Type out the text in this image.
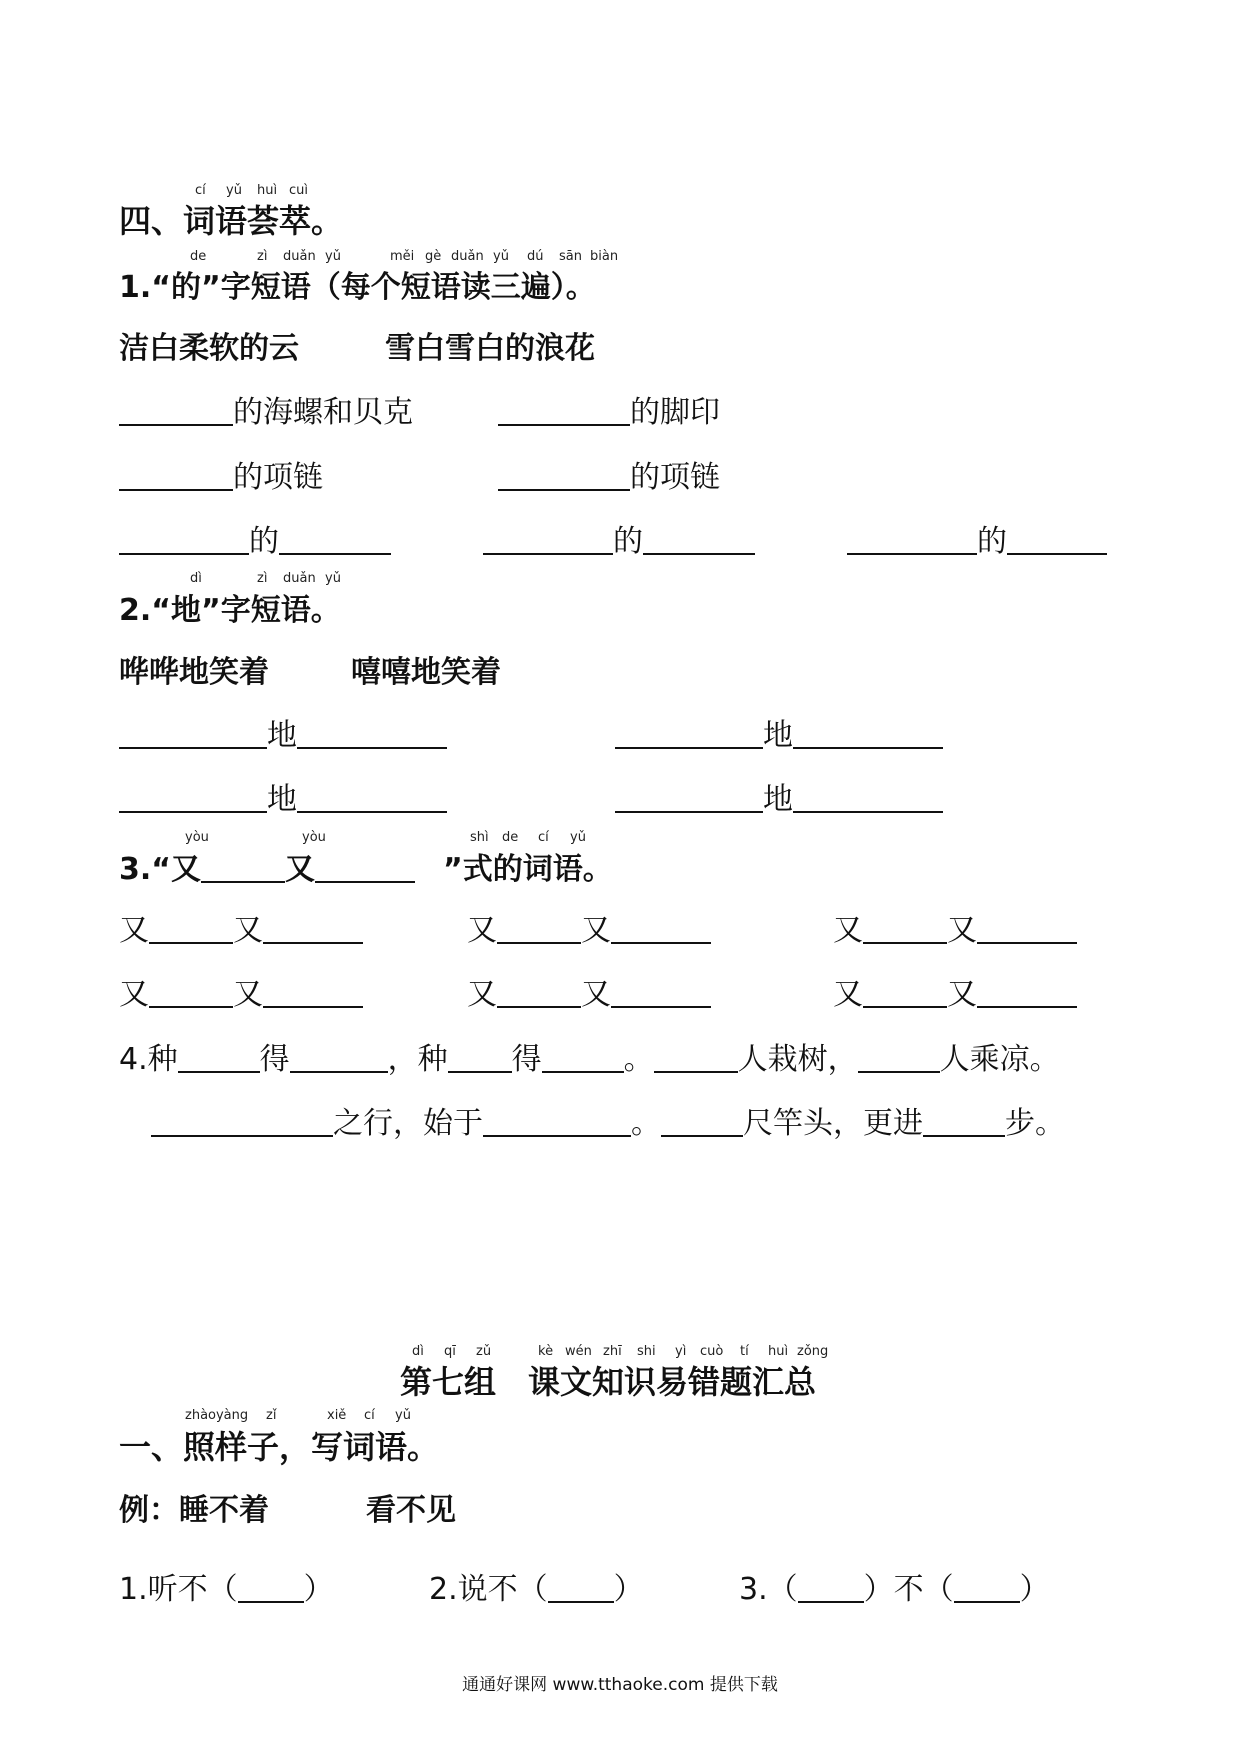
cí yǔ huì cuì
四、词语荟萃。
de	zì duǎn yǔ	měi gè duǎn yǔ dú sān biàn
1.“的”字短语（每个短语读三遍）。
洁白柔软的云	雪白雪白的浪花
的海螺和贝克	的脚印
的项链	的项链
的	的	的
dì	zì duǎn yǔ
2.“地”字短语。
哗哗地笑着	嘻嘻地笑着
地	地
地	地
yòu	yòu	shì de cí yǔ
3.“又	又	”式的词语。
又	又	又	又	又	又
又	又	又	又	又	又
4.种	得	，种 得	。	人栽树，	人乘凉。
之行，始于	。	尺竿头，更进	步。
dì qī zǔ	kè wén zhī shi yì cuò tí huì zǒng
第七组　课文知识易错题汇总
zhàoyàng zǐ	xiě cí yǔ
一、照样子，写词语。
例：睡不着	看不见
1.听不（ ）	2.说不（ ）	3.（ ）不（ ）
通通好课网 www.tthaoke.com 提供下载
